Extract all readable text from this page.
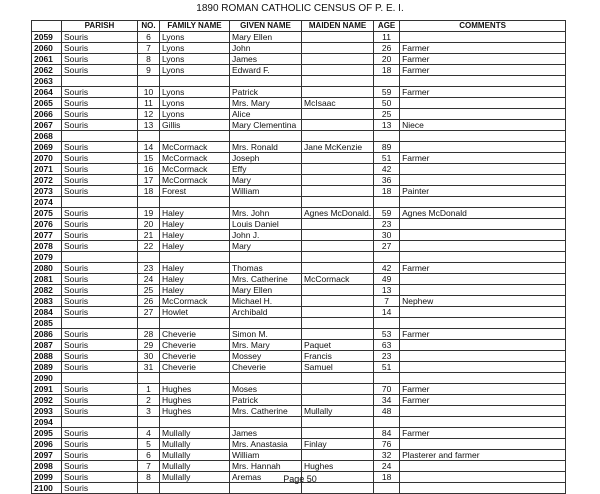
1890 ROMAN CATHOLIC CENSUS OF P. E. I.
	PARISH	NO.	FAMILY NAME	GIVEN NAME	MAIDEN NAME	AGE	COMMENTS
2059	Souris	6	Lyons	Mary Ellen		11	
2060	Souris	7	Lyons	John		26	Farmer
2061	Souris	8	Lyons	James		20	Farmer
2062	Souris	9	Lyons	Edward F.		18	Farmer
2063							
2064	Souris	10	Lyons	Patrick		59	Farmer
2065	Souris	11	Lyons	Mrs. Mary	McIsaac	50	
2066	Souris	12	Lyons	Alice		25	
2067	Souris	13	Gillis	Mary Clementina		13	Niece
2068							
2069	Souris	14	McCormack	Mrs. Ronald	Jane McKenzie	89	
2070	Souris	15	McCormack	Joseph		51	Farmer
2071	Souris	16	McCormack	Effy		42	
2072	Souris	17	McCormack	Mary		36	
2073	Souris	18	Forest	William		18	Painter
2074							
2075	Souris	19	Haley	Mrs. John	Agnes McDonald.	59	Agnes McDonald
2076	Souris	20	Haley	Louis Daniel		23	
2077	Souris	21	Haley	John J.		30	
2078	Souris	22	Haley	Mary		27	
2079							
2080	Souris	23	Haley	Thomas		42	Farmer
2081	Souris	24	Haley	Mrs. Catherine	McCormack	49	
2082	Souris	25	Haley	Mary Ellen		13	
2083	Souris	26	McCormack	Michael H.		7	Nephew
2084	Souris	27	Howlet	Archibald		14	
2085							
2086	Souris	28	Cheverie	Simon M.		53	Farmer
2087	Souris	29	Cheverie	Mrs. Mary	Paquet	63	
2088	Souris	30	Cheverie	Mossey	Francis	23	
2089	Souris	31	Cheverie	Cheverie	Samuel	51	
2090							
2091	Souris	1	Hughes	Moses		70	Farmer
2092	Souris	2	Hughes	Patrick		34	Farmer
2093	Souris	3	Hughes	Mrs. Catherine	Mullally	48	
2094							
2095	Souris	4	Mullally	James		84	Farmer
2096	Souris	5	Mullally	Mrs. Anastasia	Finlay	76	
2097	Souris	6	Mullally	William		32	Plasterer and farmer
2098	Souris	7	Mullally	Mrs. Hannah	Hughes	24	
2099	Souris	8	Mullally	Aremas		18	
2100	Souris						
Page 50
